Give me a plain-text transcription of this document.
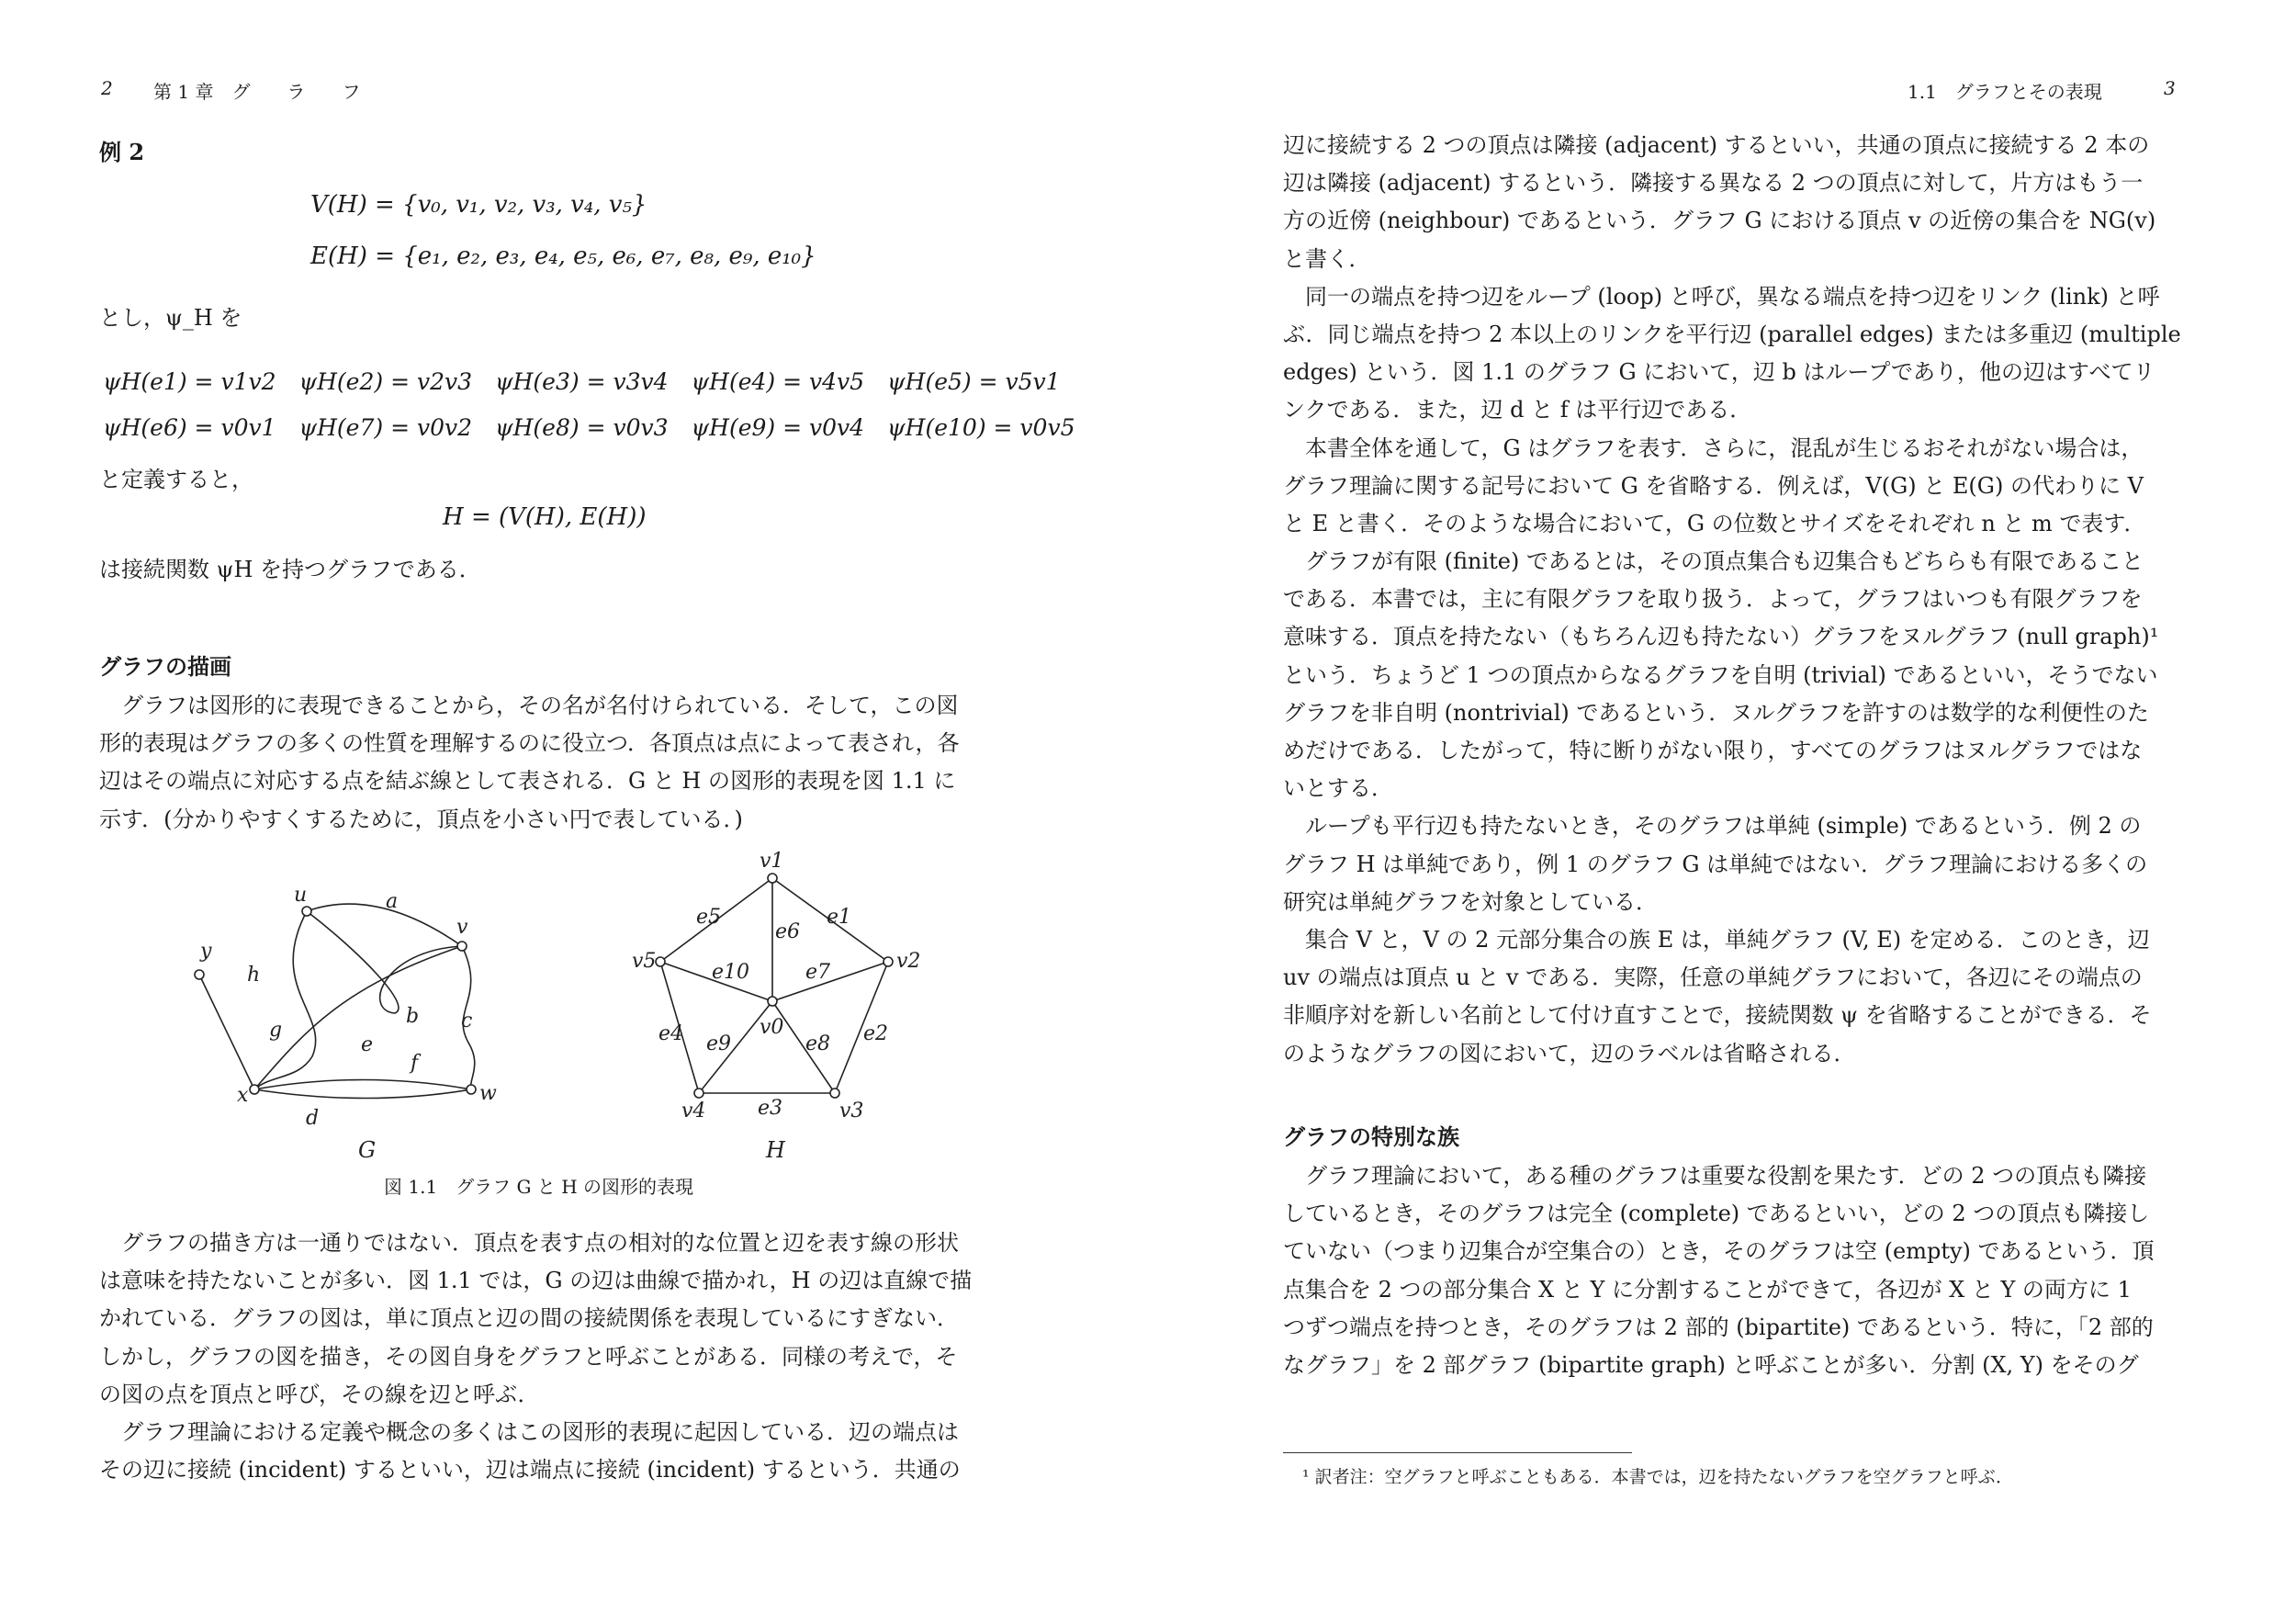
2 第 1 章　グ　　ラ　　フ
例 2
V(H) = {v₀, v₁, v₂, v₃, v₄, v₅}
E(H) = {e₁, e₂, e₃, e₄, e₅, e₆, e₇, e₈, e₉, e₁₀}
とし，ψ_H を
ψH(e1) = v1v2　ψH(e2) = v2v3　ψH(e3) = v3v4　ψH(e4) = v4v5　ψH(e5) = v5v1
ψH(e6) = v0v1　ψH(e7) = v0v2　ψH(e8) = v0v3　ψH(e9) = v0v4　ψH(e10) = v0v5
と定義すると，
H = (V(H), E(H))
は接続関数 ψH を持つグラフである．
グラフの描画
　グラフは図形的に表現できることから，その名が名付けられている．そして，この図
形的表現はグラフの多くの性質を理解するのに役立つ．各頂点は点によって表され，各
辺はその端点に対応する点を結ぶ線として表される．G と H の図形的表現を図 1.1 に
示す．(分かりやすくするために，頂点を小さい円で表している．)
u
v
w
x
y
a
b c
d
e
f
g
h
G
v1
v2
v3
v4
v5
v0
e1
e2
e3
e4
e5
e6
e7
e8
e9
e10
H
図 1.1　グラフ G と H の図形的表現
　グラフの描き方は一通りではない．頂点を表す点の相対的な位置と辺を表す線の形状
は意味を持たないことが多い．図 1.1 では，G の辺は曲線で描かれ，H の辺は直線で描
かれている．グラフの図は，単に頂点と辺の間の接続関係を表現しているにすぎない．
しかし，グラフの図を描き，その図自身をグラフと呼ぶことがある．同様の考えで，そ
の図の点を頂点と呼び，その線を辺と呼ぶ．
　グラフ理論における定義や概念の多くはこの図形的表現に起因している．辺の端点は
その辺に接続 (incident) するといい，辺は端点に接続 (incident) するという．共通の
1.1　グラフとその表現	3
辺に接続する 2 つの頂点は隣接 (adjacent) するといい，共通の頂点に接続する 2 本の
辺は隣接 (adjacent) するという．隣接する異なる 2 つの頂点に対して，片方はもう一
方の近傍 (neighbour) であるという．グラフ G における頂点 v の近傍の集合を NG(v)
と書く．
　同一の端点を持つ辺をループ (loop) と呼び，異なる端点を持つ辺をリンク (link) と呼
ぶ．同じ端点を持つ 2 本以上のリンクを平行辺 (parallel edges) または多重辺 (multiple
edges) という．図 1.1 のグラフ G において，辺 b はループであり，他の辺はすべてリ
ンクである．また，辺 d と f は平行辺である．
　本書全体を通して，G はグラフを表す．さらに，混乱が生じるおそれがない場合は，
グラフ理論に関する記号において G を省略する．例えば，V(G) と E(G) の代わりに V
と E と書く．そのような場合において，G の位数とサイズをそれぞれ n と m で表す．
　グラフが有限 (finite) であるとは，その頂点集合も辺集合もどちらも有限であること
である．本書では，主に有限グラフを取り扱う．よって，グラフはいつも有限グラフを
意味する．頂点を持たない（もちろん辺も持たない）グラフをヌルグラフ (null graph)¹
という．ちょうど 1 つの頂点からなるグラフを自明 (trivial) であるといい，そうでない
グラフを非自明 (nontrivial) であるという．ヌルグラフを許すのは数学的な利便性のた
めだけである．したがって，特に断りがない限り，すべてのグラフはヌルグラフではな
いとする．
　ループも平行辺も持たないとき，そのグラフは単純 (simple) であるという．例 2 の
グラフ H は単純であり，例 1 のグラフ G は単純ではない．グラフ理論における多くの
研究は単純グラフを対象としている．
　集合 V と，V の 2 元部分集合の族 E は，単純グラフ (V, E) を定める．このとき，辺
uv の端点は頂点 u と v である．実際，任意の単純グラフにおいて，各辺にその端点の
非順序対を新しい名前として付け直すことで，接続関数 ψ を省略することができる．そ
のようなグラフの図において，辺のラベルは省略される．
グラフの特別な族
　グラフ理論において，ある種のグラフは重要な役割を果たす．どの 2 つの頂点も隣接
しているとき，そのグラフは完全 (complete) であるといい，どの 2 つの頂点も隣接し
ていない（つまり辺集合が空集合の）とき，そのグラフは空 (empty) であるという．頂
点集合を 2 つの部分集合 X と Y に分割することができて，各辺が X と Y の両方に 1
つずつ端点を持つとき，そのグラフは 2 部的 (bipartite) であるという．特に，「2 部的
なグラフ」を 2 部グラフ (bipartite graph) と呼ぶことが多い．分割 (X, Y) をそのグ
¹ 訳者注：空グラフと呼ぶこともある．本書では，辺を持たないグラフを空グラフと呼ぶ．
